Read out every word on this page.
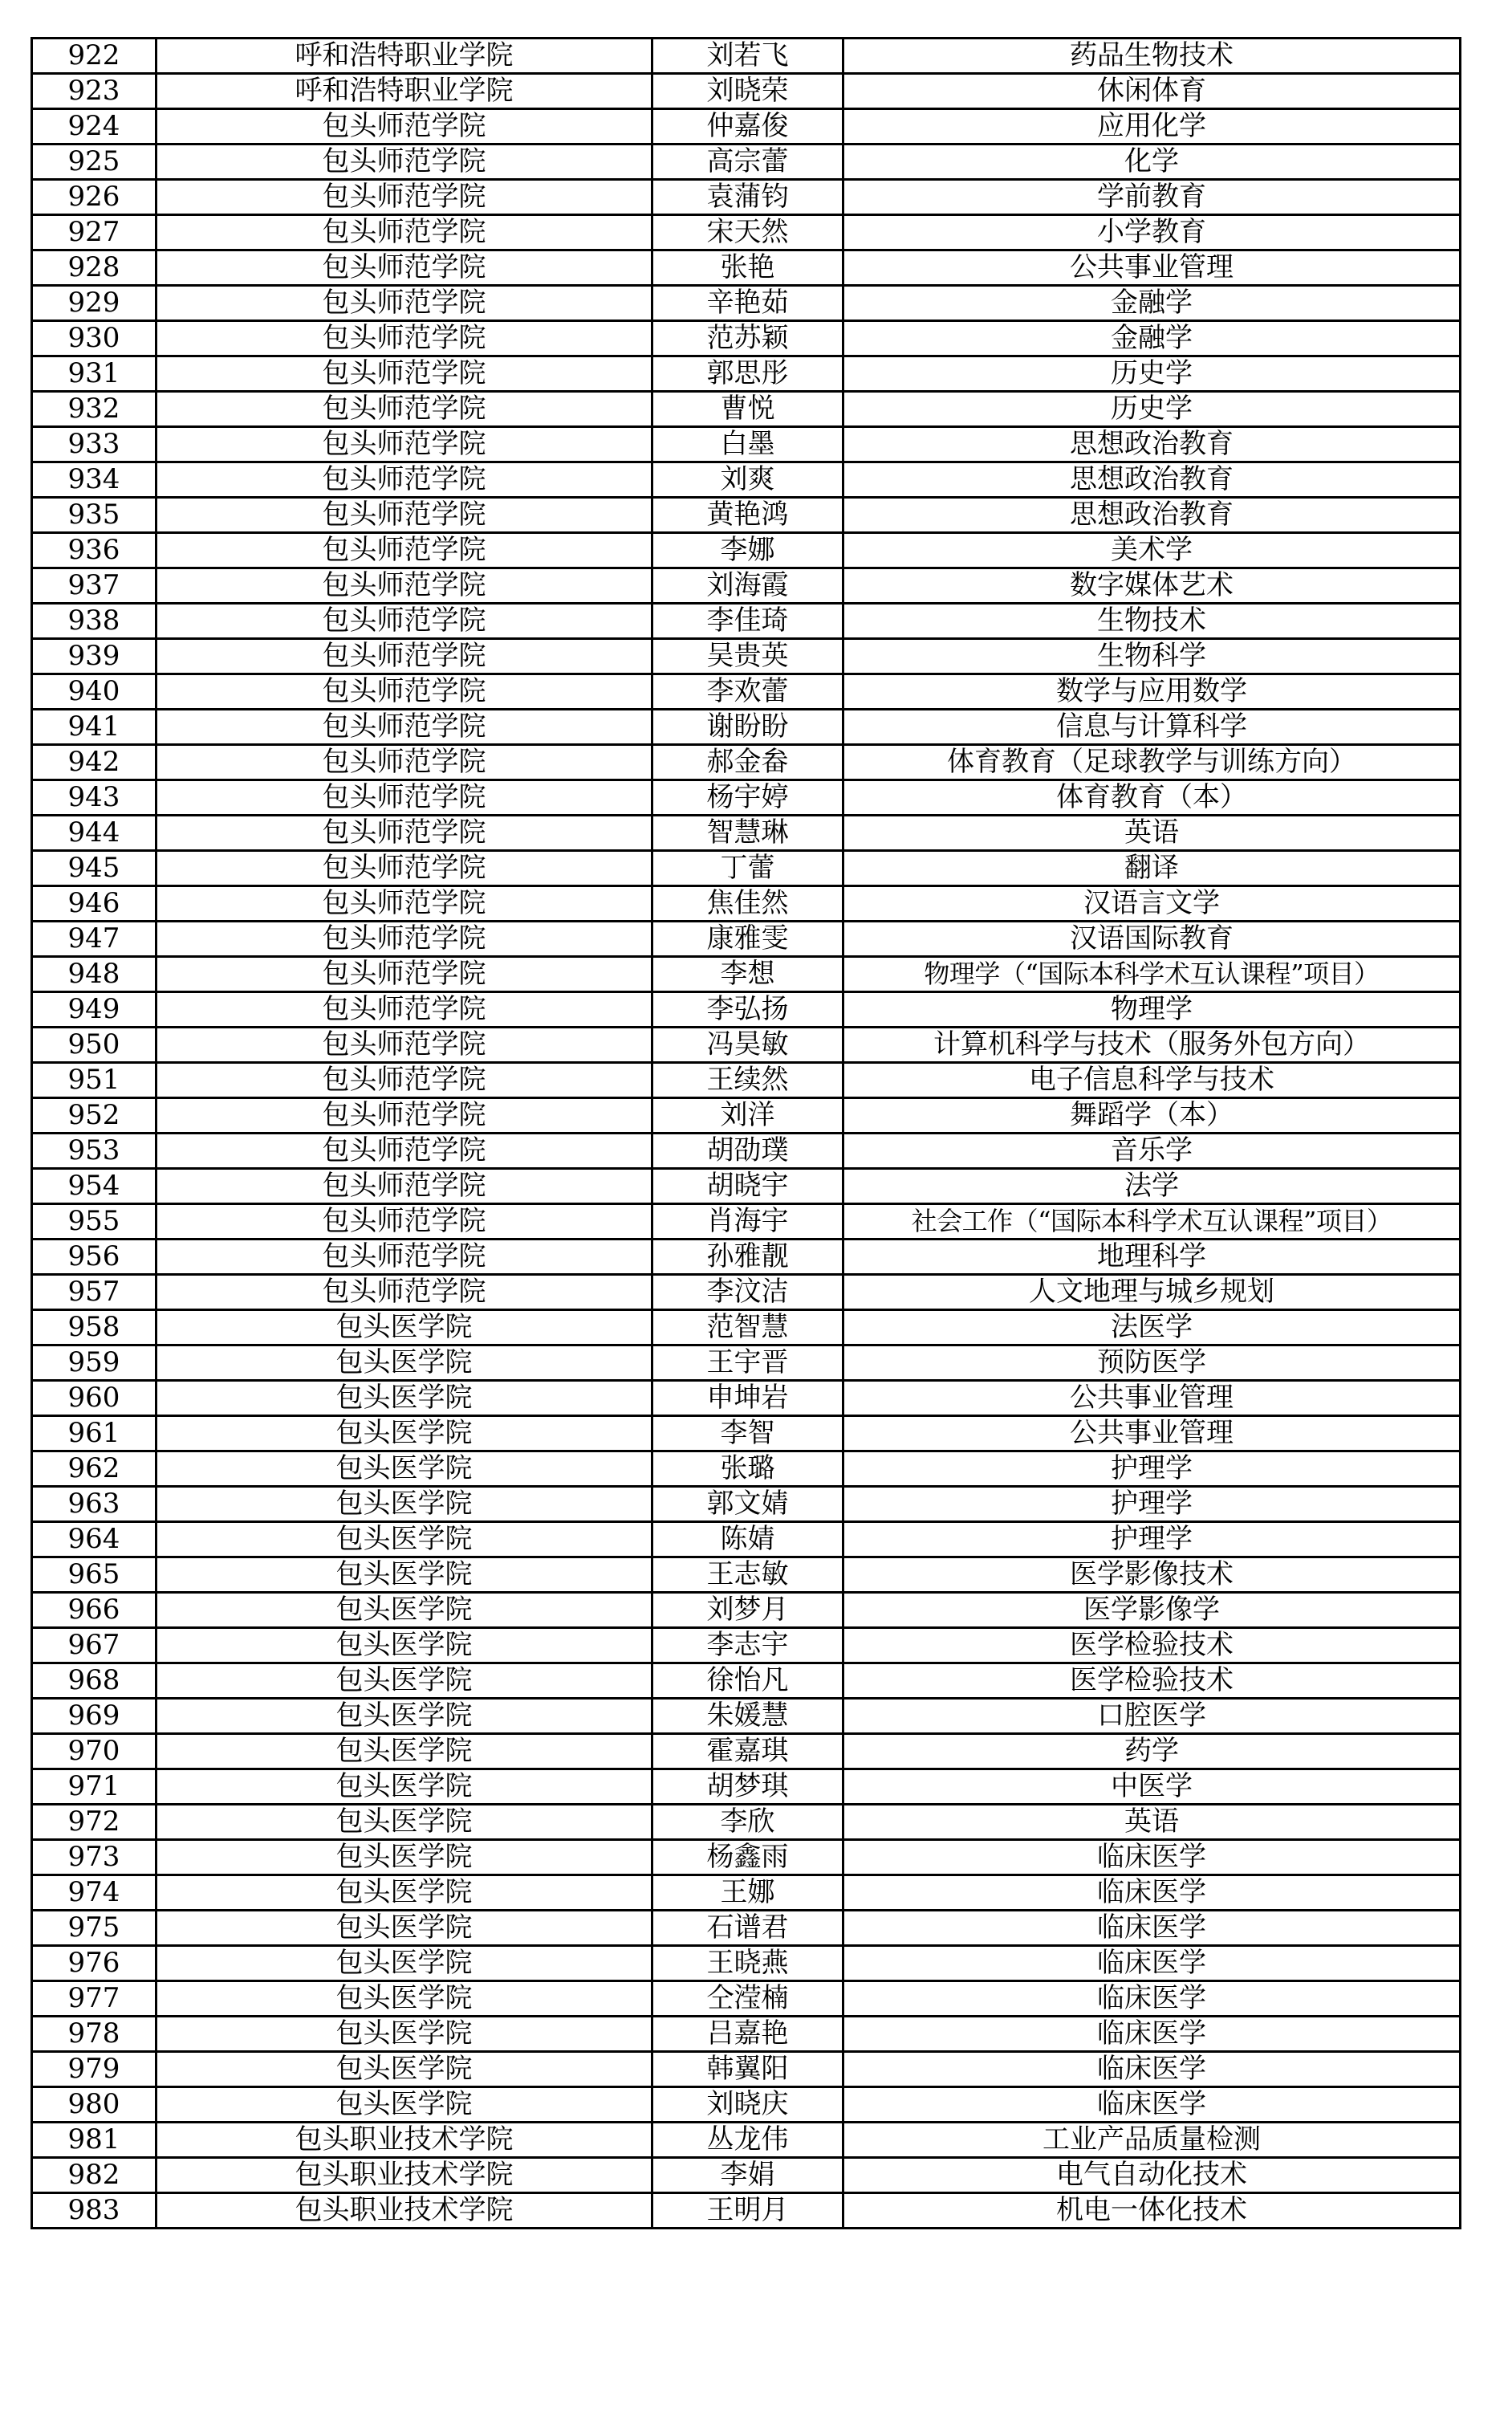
922	呼和浩特职业学院	刘若飞	药品生物技术
923	呼和浩特职业学院	刘晓荣	休闲体育
924	包头师范学院	仲嘉俊	应用化学
925	包头师范学院	高宗蕾	化学
926	包头师范学院	袁蒲钧	学前教育
927	包头师范学院	宋天然	小学教育
928	包头师范学院	张艳	公共事业管理
929	包头师范学院	辛艳茹	金融学
930	包头师范学院	范苏颖	金融学
931	包头师范学院	郭思彤	历史学
932	包头师范学院	曹悦	历史学
933	包头师范学院	白墨	思想政治教育
934	包头师范学院	刘爽	思想政治教育
935	包头师范学院	黄艳鸿	思想政治教育
936	包头师范学院	李娜	美术学
937	包头师范学院	刘海霞	数字媒体艺术
938	包头师范学院	李佳琦	生物技术
939	包头师范学院	吴贵英	生物科学
940	包头师范学院	李欢蕾	数学与应用数学
941	包头师范学院	谢盼盼	信息与计算科学
942	包头师范学院	郝金畚	体育教育（足球教学与训练方向）
943	包头师范学院	杨宇婷	体育教育（本）
944	包头师范学院	智慧琳	英语
945	包头师范学院	丁蕾	翻译
946	包头师范学院	焦佳然	汉语言文学
947	包头师范学院	康雅雯	汉语国际教育
948	包头师范学院	李想	物理学（“国际本科学术互认课程”项目）
949	包头师范学院	李弘扬	物理学
950	包头师范学院	冯昊敏	计算机科学与技术（服务外包方向）
951	包头师范学院	王续然	电子信息科学与技术
952	包头师范学院	刘洋	舞蹈学（本）
953	包头师范学院	胡劭璞	音乐学
954	包头师范学院	胡晓宇	法学
955	包头师范学院	肖海宇	社会工作（“国际本科学术互认课程”项目）
956	包头师范学院	孙雅靓	地理科学
957	包头师范学院	李汶洁	人文地理与城乡规划
958	包头医学院	范智慧	法医学
959	包头医学院	王宇晋	预防医学
960	包头医学院	申坤岩	公共事业管理
961	包头医学院	李智	公共事业管理
962	包头医学院	张璐	护理学
963	包头医学院	郭文婧	护理学
964	包头医学院	陈婧	护理学
965	包头医学院	王志敏	医学影像技术
966	包头医学院	刘梦月	医学影像学
967	包头医学院	李志宇	医学检验技术
968	包头医学院	徐怡凡	医学检验技术
969	包头医学院	朱媛慧	口腔医学
970	包头医学院	霍嘉琪	药学
971	包头医学院	胡梦琪	中医学
972	包头医学院	李欣	英语
973	包头医学院	杨鑫雨	临床医学
974	包头医学院	王娜	临床医学
975	包头医学院	石谱君	临床医学
976	包头医学院	王晓燕	临床医学
977	包头医学院	仝滢楠	临床医学
978	包头医学院	吕嘉艳	临床医学
979	包头医学院	韩翼阳	临床医学
980	包头医学院	刘晓庆	临床医学
981	包头职业技术学院	丛龙伟	工业产品质量检测
982	包头职业技术学院	李娟	电气自动化技术
983	包头职业技术学院	王明月	机电一体化技术
